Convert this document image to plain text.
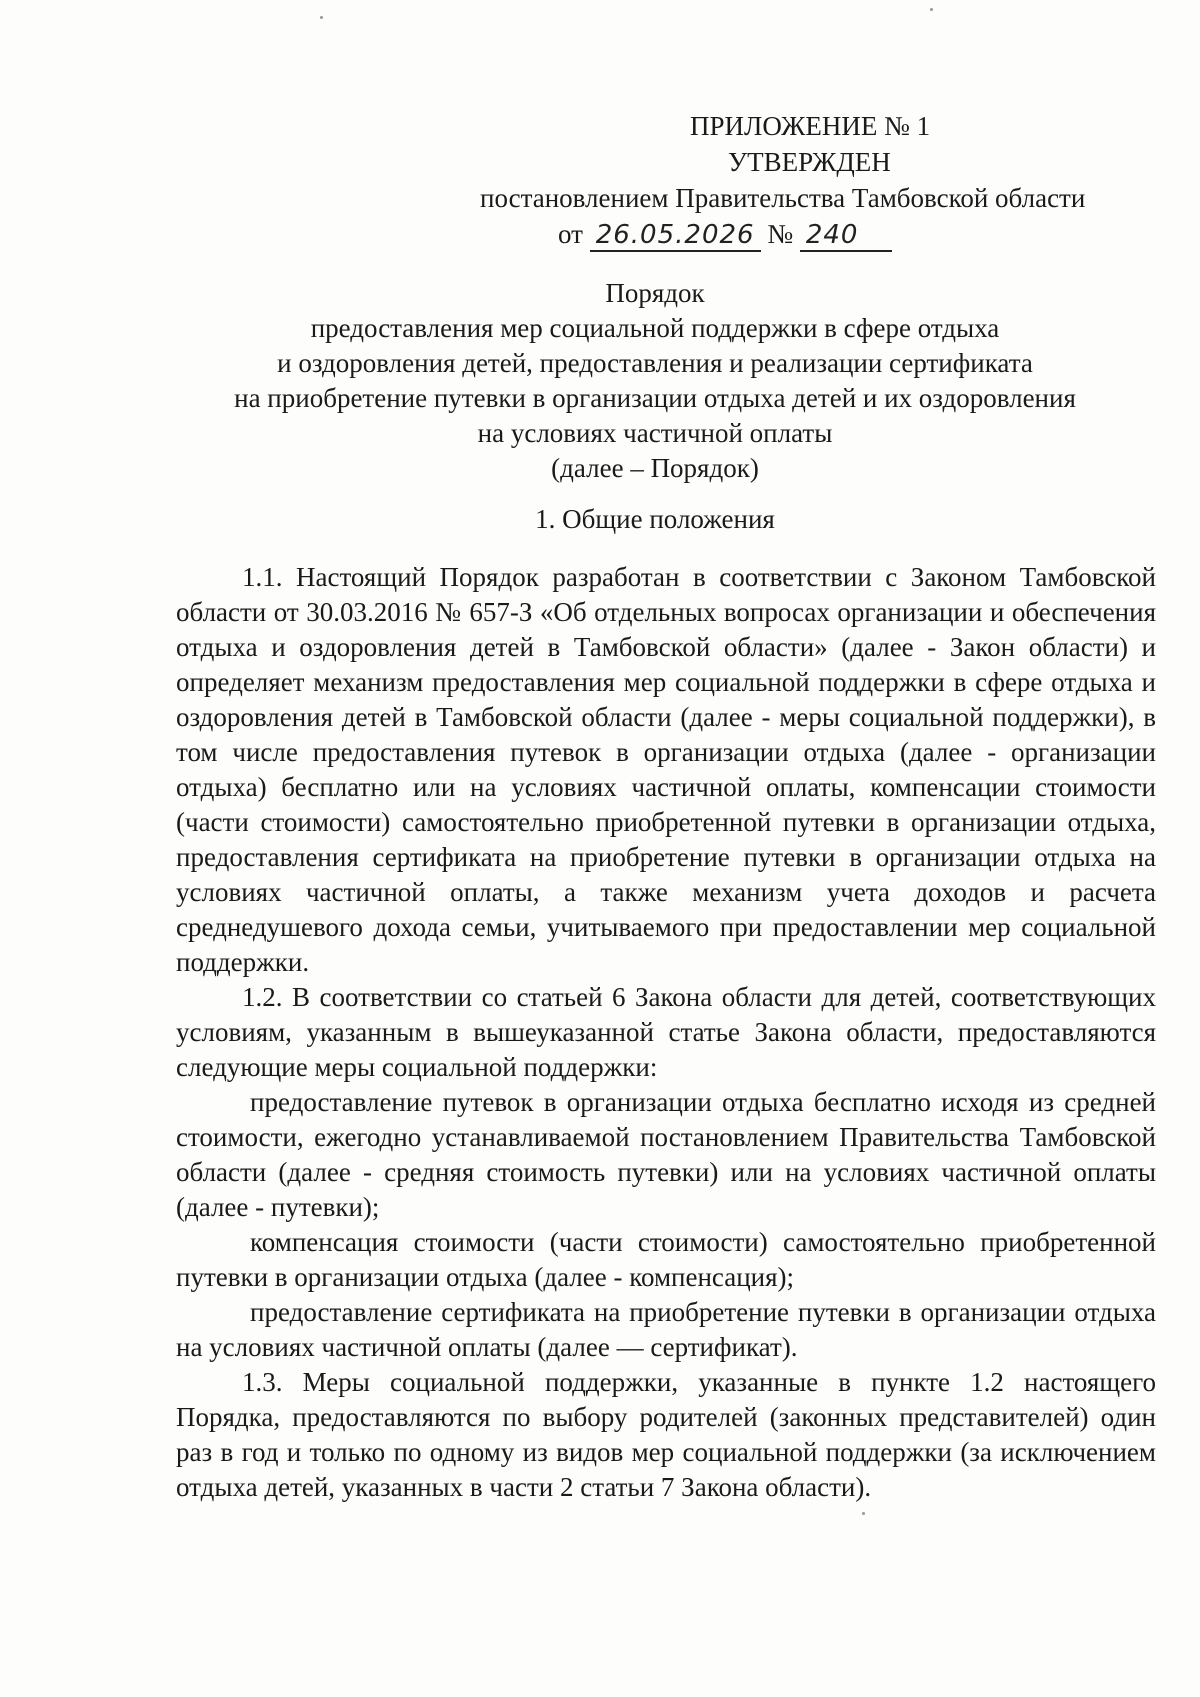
ПРИЛОЖЕНИЕ № 1
УТВЕРЖДЕН
постановлением Правительства Тамбовской области
от 26.05.2026 № 240
Порядок
предоставления мер социальной поддержки в сфере отдыха
и оздоровления детей, предоставления и реализации сертификата
на приобретение путевки в организации отдыха детей и их оздоровления
на условиях частичной оплаты
(далее – Порядок)
1. Общие положения

1.1. Настоящий Порядок разработан в соответствии с Законом Тамбовской области от 30.03.2016 № 657-З «Об отдельных вопросах организации и обеспечения отдыха и оздоровления детей в Тамбовской области» (далее - Закон области) и определяет механизм предоставления мер социальной поддержки в сфере отдыха и оздоровления детей в Тамбовской области (далее - меры социальной поддержки), в том числе предоставления путевок в организации отдыха (далее - организации отдыха) бесплатно или на условиях частичной оплаты, компенсации стоимости (части стоимости) самостоятельно приобретенной путевки в организации отдыха, предоставления сертификата на приобретение путевки в организации отдыха на условиях частичной оплаты, а также механизм учета доходов и расчета среднедушевого дохода семьи, учитываемого при предоставлении мер социальной поддержки.

1.2. В соответствии со статьей 6 Закона области для детей, соответствующих условиям, указанным в вышеуказанной статье Закона области, предоставляются следующие меры социальной поддержки:

предоставление путевок в организации отдыха бесплатно исходя из средней стоимости, ежегодно устанавливаемой постановлением Правительства Тамбовской области (далее - средняя стоимость путевки) или на условиях частичной оплаты (далее - путевки);

компенсация стоимости (части стоимости) самостоятельно приобретенной путевки в организации отдыха (далее - компенсация);

предоставление сертификата на приобретение путевки в организации отдыха на условиях частичной оплаты (далее — сертификат).

1.3. Меры социальной поддержки, указанные в пункте 1.2 настоящего Порядка, предоставляются по выбору родителей (законных представителей) один раз в год и только по одному из видов мер социальной поддержки (за исключением отдыха детей, указанных в части 2 статьи 7 Закона области).
